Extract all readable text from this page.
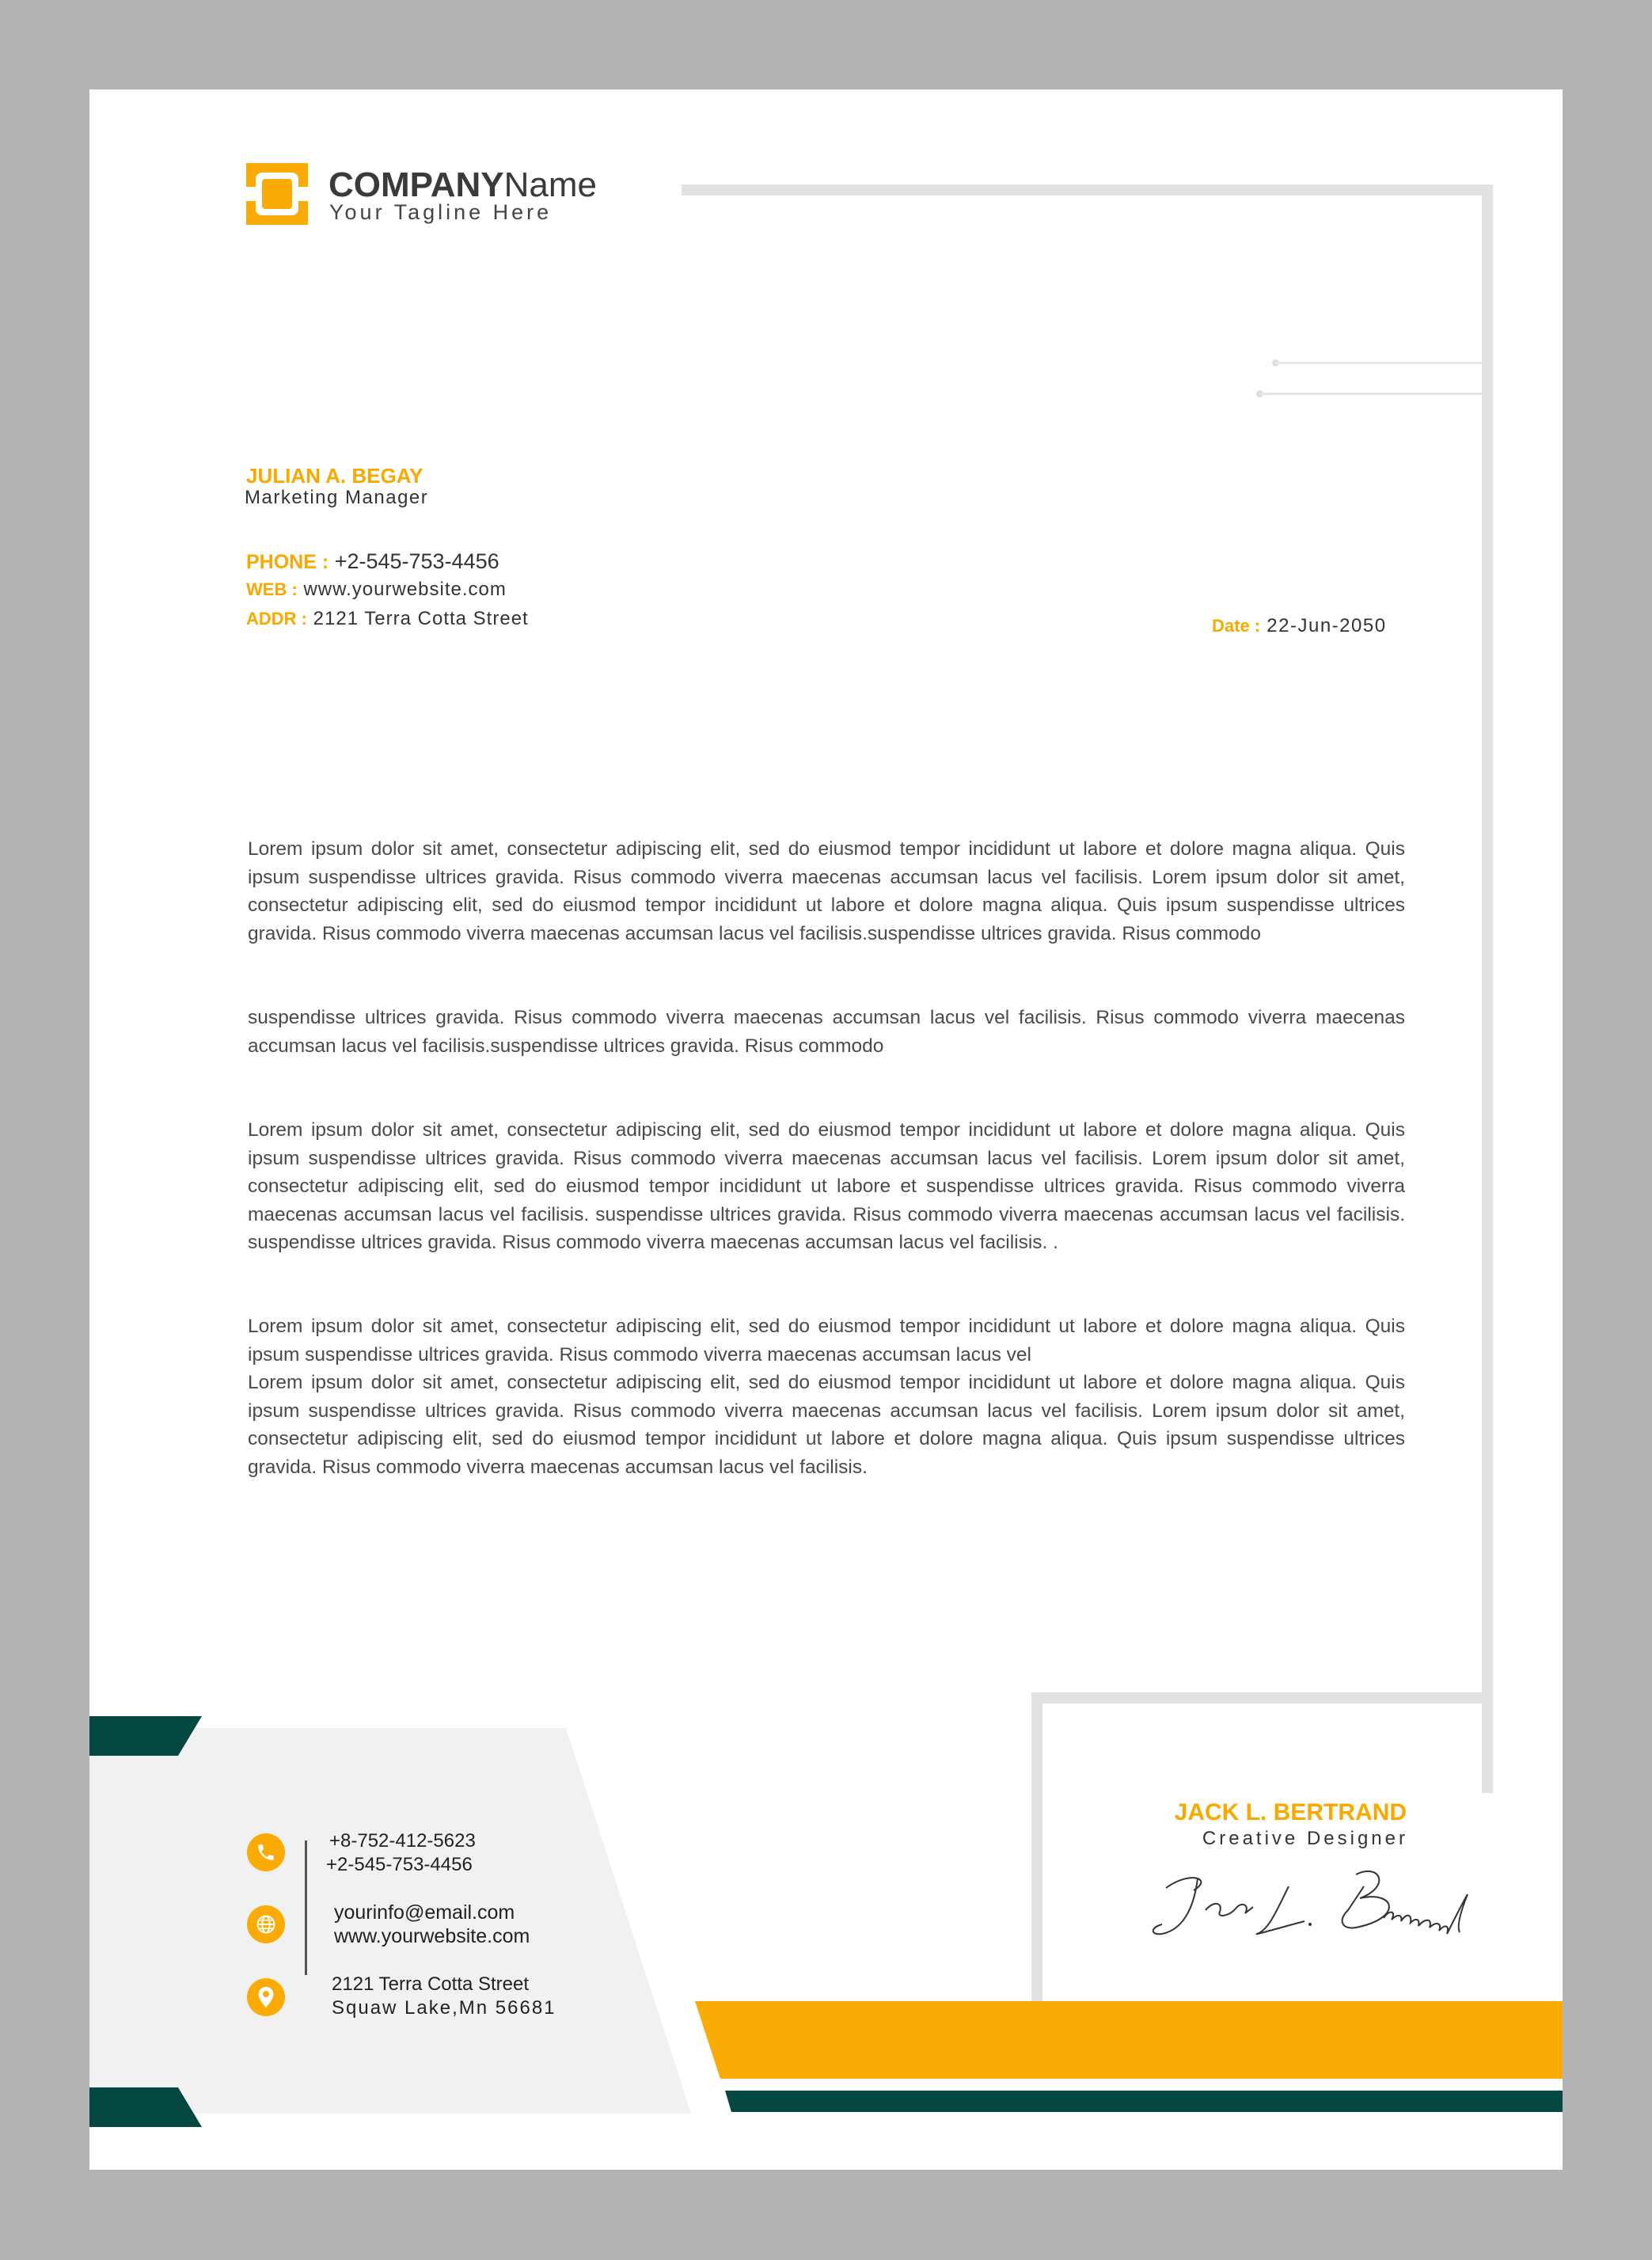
COMPANYName
Your Tagline Here
JULIAN A. BEGAY
Marketing Manager
PHONE : +2-545-753-4456
WEB : www.yourwebsite.com
ADDR : 2121 Terra Cotta Street	Date : 22-Jun-2050

Lorem ipsum dolor sit amet, consectetur adipiscing elit, sed do eiusmod tempor incididunt ut labore et dolore magna aliqua. Quis ipsum suspendisse ultrices gravida. Risus commodo viverra maecenas accumsan lacus vel facilisis. Lorem ipsum dolor sit amet, consectetur adipiscing elit, sed do eiusmod tempor incididunt ut labore et dolore magna aliqua. Quis ipsum suspendisse ultrices gravida. Risus commodo viverra maecenas accumsan lacus vel facilisis.suspendisse ultrices gravida. Risus commodo

suspendisse ultrices gravida. Risus commodo viverra maecenas accumsan lacus vel facilisis. Risus commodo viverra maecenas accumsan lacus vel facilisis.suspendisse ultrices gravida. Risus commodo

Lorem ipsum dolor sit amet, consectetur adipiscing elit, sed do eiusmod tempor incididunt ut labore et dolore magna aliqua. Quis ipsum suspendisse ultrices gravida. Risus commodo viverra maecenas accumsan lacus vel facilisis. Lorem ipsum dolor sit amet, consectetur adipiscing elit, sed do eiusmod tempor incididunt ut labore et suspendisse ultrices gravida. Risus commodo viverra maecenas accumsan lacus vel facilisis. suspendisse ultrices gravida. Risus commodo viverra maecenas accumsan lacus vel facilisis. suspendisse ultrices gravida. Risus commodo viverra maecenas accumsan lacus vel facilisis. .

Lorem ipsum dolor sit amet, consectetur adipiscing elit, sed do eiusmod tempor incididunt ut labore et dolore magna aliqua. Quis ipsum suspendisse ultrices gravida. Risus commodo viverra maecenas accumsan lacus vel

Lorem ipsum dolor sit amet, consectetur adipiscing elit, sed do eiusmod tempor incididunt ut labore et dolore magna aliqua. Quis ipsum suspendisse ultrices gravida. Risus commodo viverra maecenas accumsan lacus vel facilisis. Lorem ipsum dolor sit amet, consectetur adipiscing elit, sed do eiusmod tempor incididunt ut labore et dolore magna aliqua. Quis ipsum suspendisse ultrices gravida. Risus commodo viverra maecenas accumsan lacus vel facilisis.

+8-752-412-5623
+2-545-753-4456
yourinfo@email.com
www.yourwebsite.com
2121 Terra Cotta Street
Squaw Lake,Mn 56681
JACK L. BERTRAND
Creative Designer
